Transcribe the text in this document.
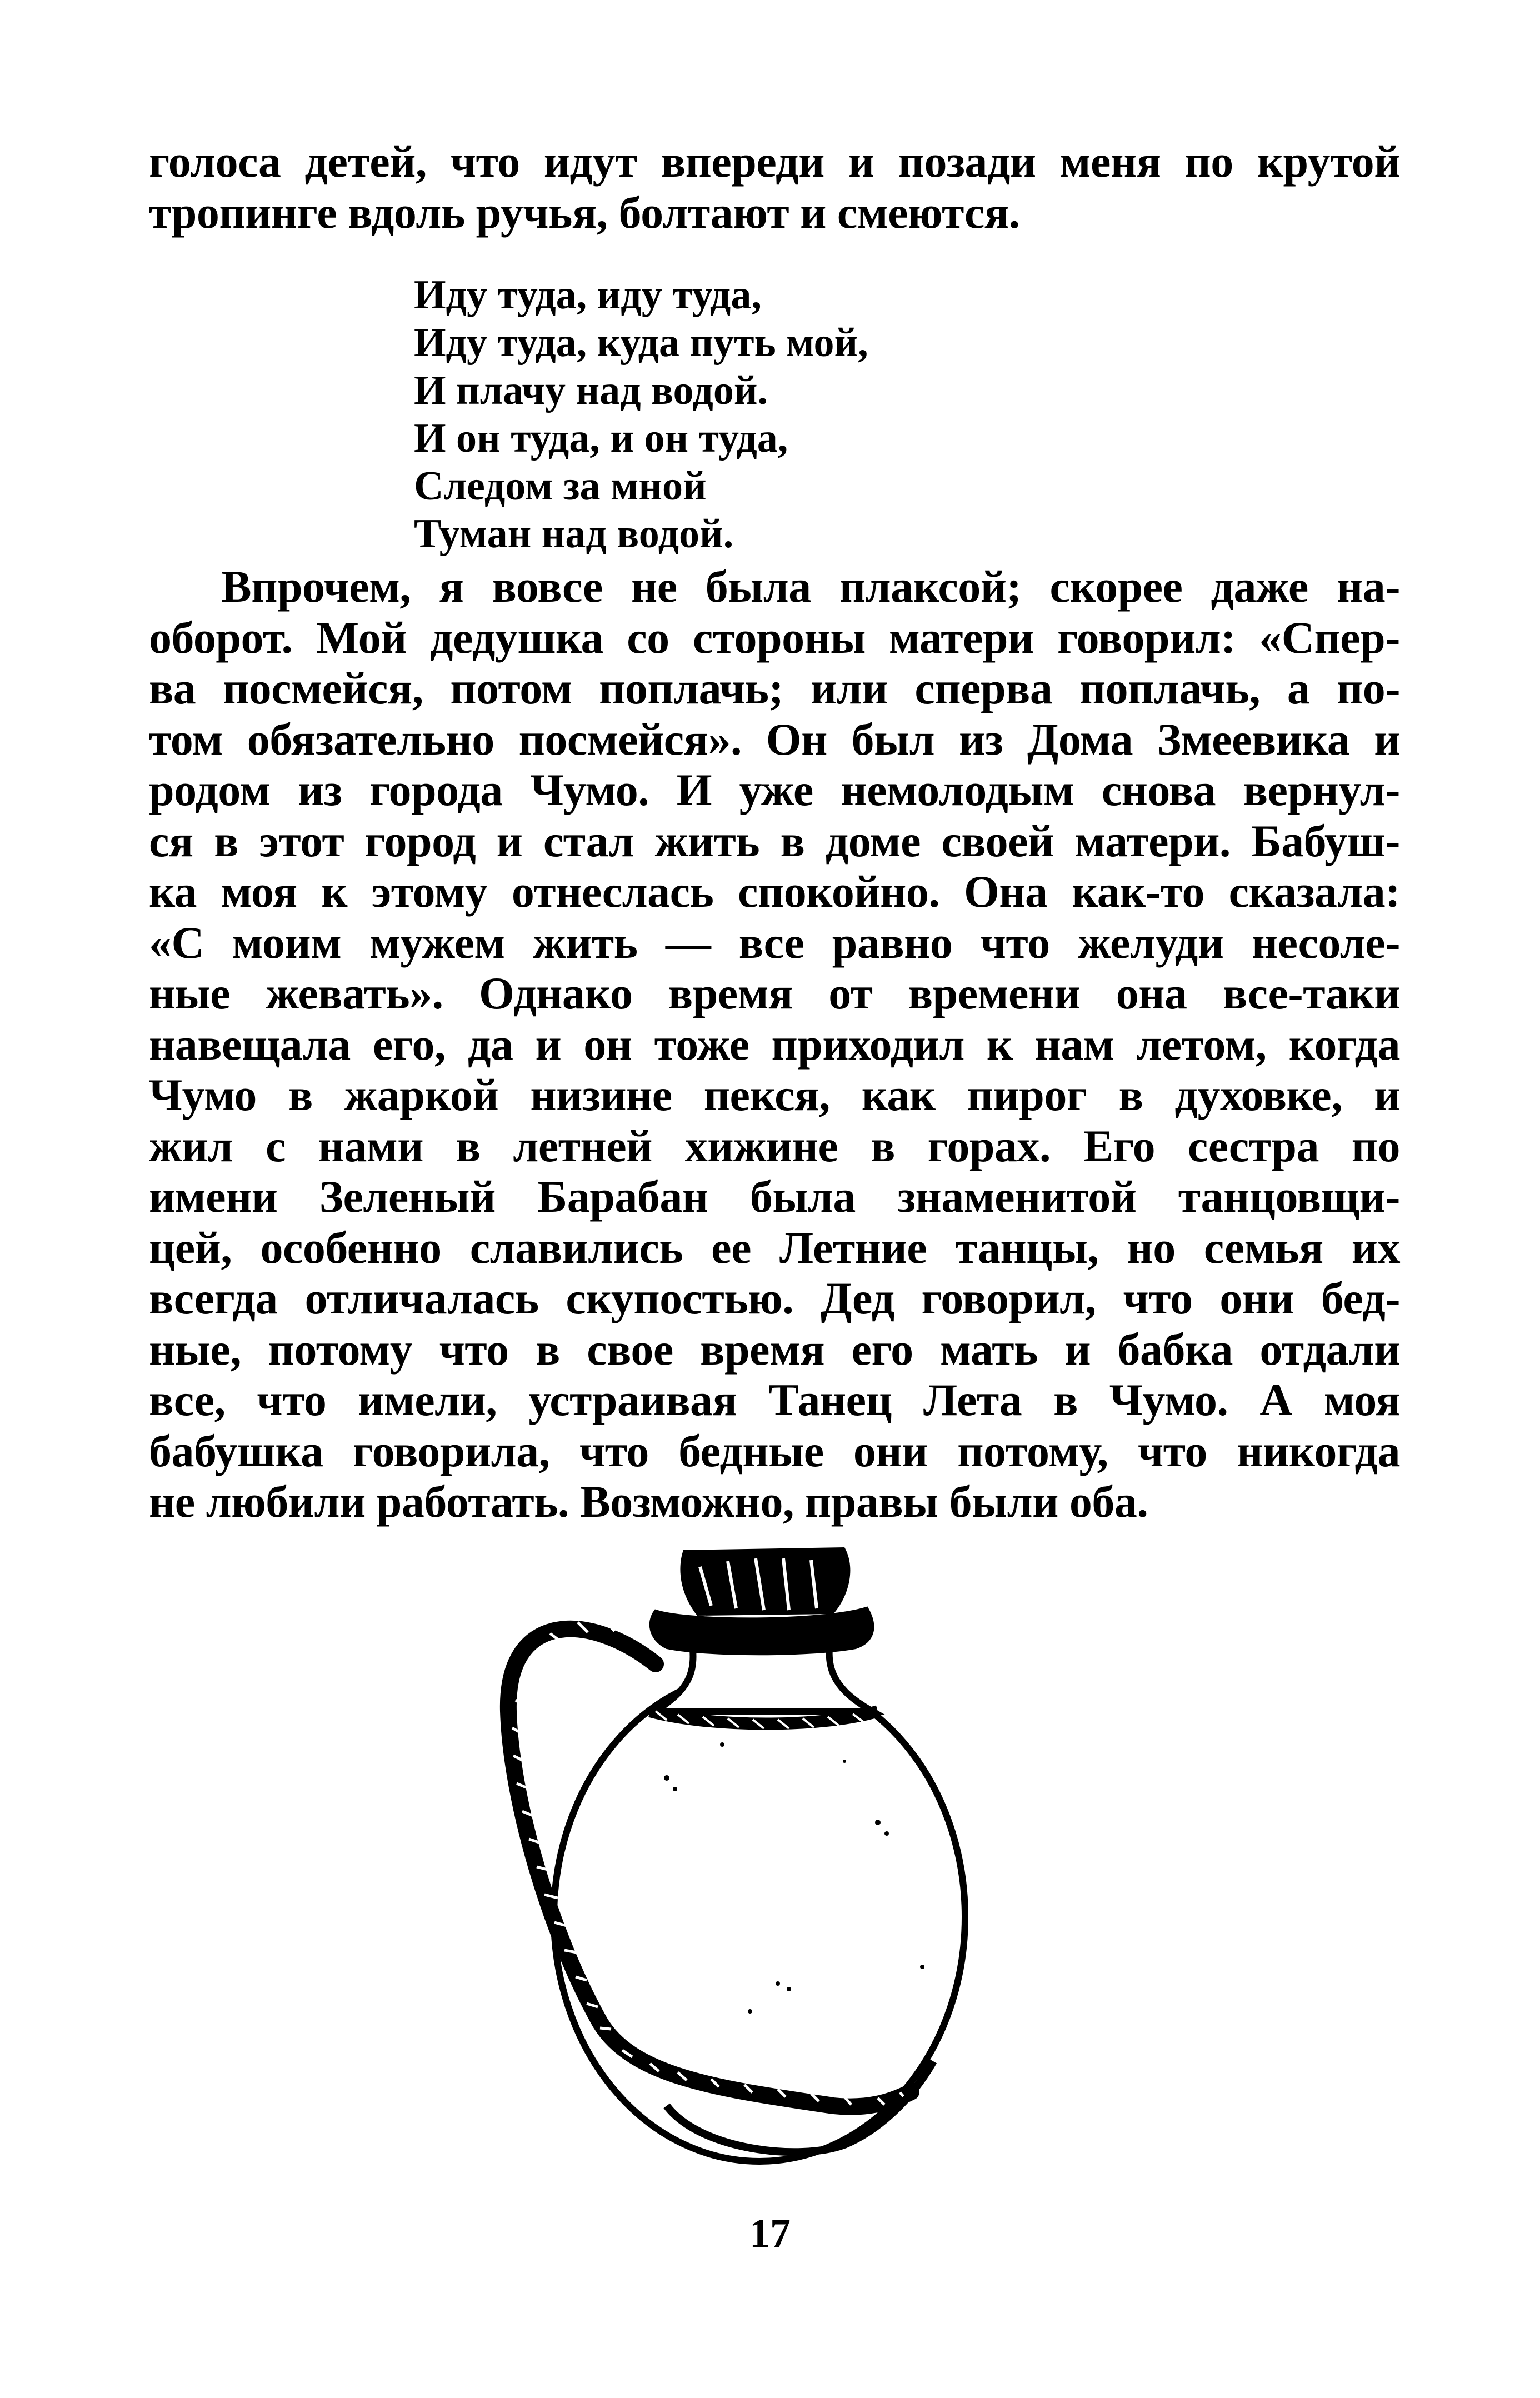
голоса детей, что идут впереди и позади меня по крутой
тропинге вдоль ручья, болтают и смеются.
Иду туда, иду туда,
Иду туда, куда путь мой,
И плачу над водой.
И он туда, и он туда,
Следом за мной
Туман над водой.
Впрочем, я вовсе не была плаксой; скорее даже на-
оборот. Мой дедушка со стороны матери говорил: «Спер-
ва посмейся, потом поплачь; или сперва поплачь, а по-
том обязательно посмейся». Он был из Дома Змеевика и
родом из города Чумо. И уже немолодым снова вернул-
ся в этот город и стал жить в доме своей матери. Бабуш-
ка моя к этому отнеслась спокойно. Она как-то сказала:
«С моим мужем жить — все равно что желуди несоле-
ные жевать». Однако время от времени она все-таки
навещала его, да и он тоже приходил к нам летом, когда
Чумо в жаркой низине пекся, как пирог в духовке, и
жил с нами в летней хижине в горах. Его сестра по
имени Зеленый Барабан была знаменитой танцовщи-
цей, особенно славились ее Летние танцы, но семья их
всегда отличалась скупостью. Дед говорил, что они бед-
ные, потому что в свое время его мать и бабка отдали
все, что имели, устраивая Танец Лета в Чумо. А моя
бабушка говорила, что бедные они потому, что никогда
не любили работать. Возможно, правы были оба.
17
